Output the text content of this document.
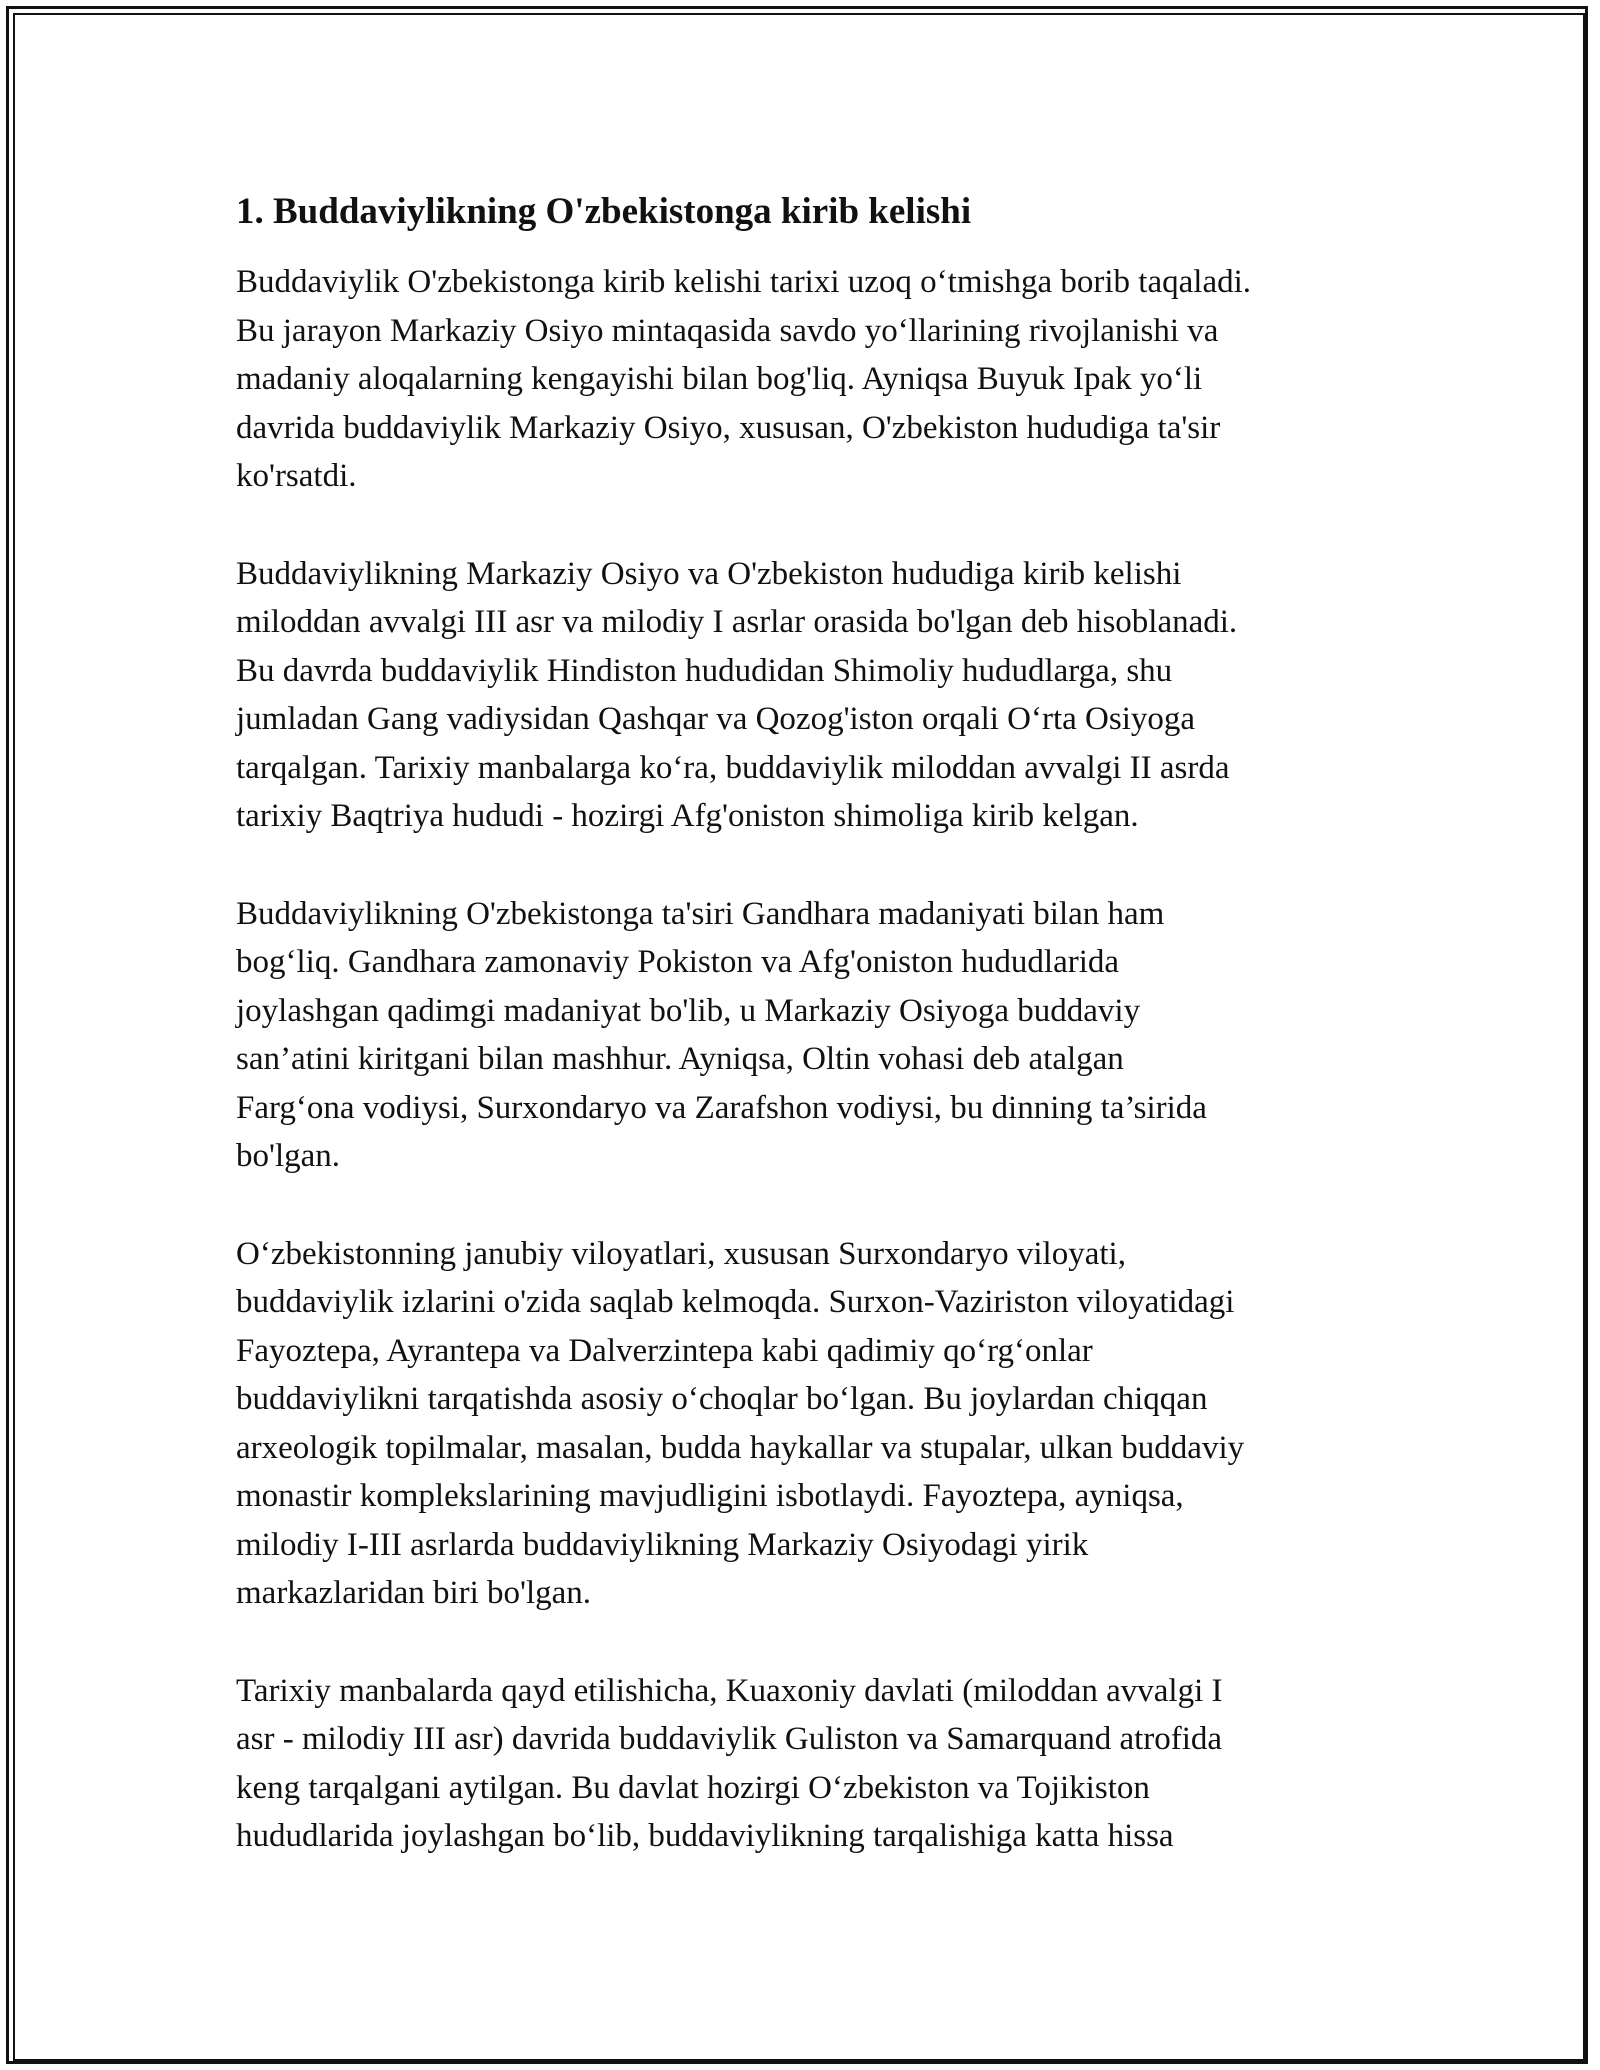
1. Buddaviylikning O'zbekistonga kirib kelishi
Buddaviylik O'zbekistonga kirib kelishi tarixi uzoq o‘tmishga borib taqaladi.
Bu jarayon Markaziy Osiyo mintaqasida savdo yo‘llarining rivojlanishi va
madaniy aloqalarning kengayishi bilan bog'liq. Ayniqsa Buyuk Ipak yo‘li
davrida buddaviylik Markaziy Osiyo, xususan, O'zbekiston hududiga ta'sir
ko'rsatdi.
Buddaviylikning Markaziy Osiyo va O'zbekiston hududiga kirib kelishi
miloddan avvalgi III asr va milodiy I asrlar orasida bo'lgan deb hisoblanadi.
Bu davrda buddaviylik Hindiston hududidan Shimoliy hududlarga, shu
jumladan Gang vadiysidan Qashqar va Qozog'iston orqali O‘rta Osiyoga
tarqalgan. Tarixiy manbalarga ko‘ra, buddaviylik miloddan avvalgi II asrda
tarixiy Baqtriya hududi - hozirgi Afg'oniston shimoliga kirib kelgan.
Buddaviylikning O'zbekistonga ta'siri Gandhara madaniyati bilan ham
bog‘liq. Gandhara zamonaviy Pokiston va Afg'oniston hududlarida
joylashgan qadimgi madaniyat bo'lib, u Markaziy Osiyoga buddaviy
san’atini kiritgani bilan mashhur. Ayniqsa, Oltin vohasi deb atalgan
Farg‘ona vodiysi, Surxondaryo va Zarafshon vodiysi, bu dinning ta’sirida
bo'lgan.
O‘zbekistonning janubiy viloyatlari, xususan Surxondaryo viloyati,
buddaviylik izlarini o'zida saqlab kelmoqda. Surxon-Vaziriston viloyatidagi
Fayoztepa, Ayrantepa va Dalverzintepa kabi qadimiy qo‘rg‘onlar
buddaviylikni tarqatishda asosiy o‘choqlar bo‘lgan. Bu joylardan chiqqan
arxeologik topilmalar, masalan, budda haykallar va stupalar, ulkan buddaviy
monastir komplekslarining mavjudligini isbotlaydi. Fayoztepa, ayniqsa,
milodiy I-III asrlarda buddaviylikning Markaziy Osiyodagi yirik
markazlaridan biri bo'lgan.
Tarixiy manbalarda qayd etilishicha, Kuaxoniy davlati (miloddan avvalgi I
asr - milodiy III asr) davrida buddaviylik Guliston va Samarquand atrofida
keng tarqalgani aytilgan. Bu davlat hozirgi O‘zbekiston va Tojikiston
hududlarida joylashgan bo‘lib, buddaviylikning tarqalishiga katta hissa
